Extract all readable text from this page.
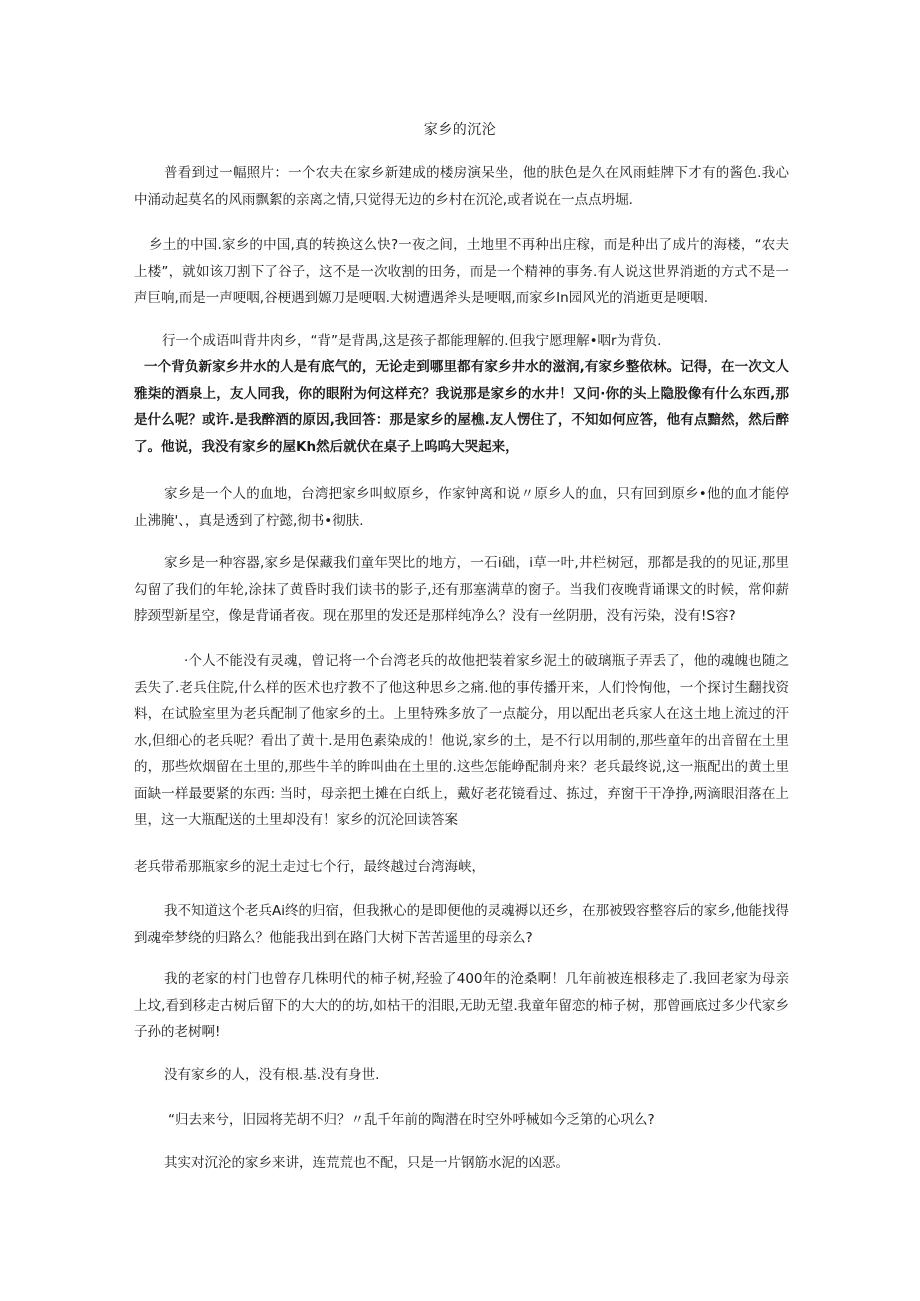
家乡的沉沦

普看到过一幅照片：一个农夫在家乡新建成的楼房演呆坐，他的肤色是久在风雨蛙牌下才有的酱色.我心中涌动起莫名的风雨飘絮的亲离之情,只觉得无边的乡村在沉沦,或者说在一点点坍堀.

乡土的中国.家乡的中国,真的转换这么快?一夜之间，土地里不再种出庄稼，而是种出了成片的海楼，“农夫上楼”，就如该刀割下了谷子，这不是一次收割的田务，而是一个精神的事务.有人说这世界消逝的方式不是一声巨响,而是一声哽咽,谷梗遇到嫄刀是哽咽.大树遭遇斧头是哽咽,而家乡In园风光的消逝更是哽咽.

行一个成语叫背井肉乡，“背”是背禺,这是孩子都能理解的.但我宁愿理解•咽r为背负.

一个背负新家乡井水的人是有底气的，无论走到哪里都有家乡井水的滋润,有家乡整依林。记得，在一次文人雅柒的酒泉上，友人同我，你的眼附为何这样充？我说那是家乡的水井！又问·你的头上隐股像有什么东西,那是什么呢？或许.是我醉酒的原因,我回答：那是家乡的屋樵.友人愣住了，不知如何应答，他有点黯然，然后醉了。他说，我没有家乡的屋Kh然后就伏在桌子上呜呜大哭起来，

家乡是一个人的血地，台湾把家乡叫蚁原乡，作家钟离和说〃原乡人的血，只有回到原乡•他的血才能停止沸腌'、，真是透到了柠懿,彻书•彻肤.

家乡是一种容器,家乡是保藏我们童年哭比的地方，一石i础，i草一叶,井栏树冠，那都是我的的见证,那里勾留了我们的年轮,涂抹了黄昏时我们读书的影子,还有那塞满草的窗子。当我们夜晚背诵课文的时候，常仰薪脖颈型新星空，像是背诵者夜。现在那里的发还是那样纯净么？没有一丝阴册，没有污染，没有!S容?

·个人不能没有灵魂，曾记将一个台湾老兵的故他把装着家乡泥土的破璃瓶子弄丢了，他的魂魄也随之丢失了.老兵住院,什么样的医术也疗教不了他这种思乡之痛.他的事传播开来，人们怜恂他，一个探讨生翻找资料，在试脸室里为老兵配制了他家乡的土。上里特殊多放了一点靛分，用以配出老兵家人在这土地上流过的汗水,但细心的老兵呢？看出了黄十.是用色素染成的！他说,家乡的土，是不行以用制的,那些童年的出音留在土里的，那些炊烟留在土里的,那些牛羊的眸叫曲在土里的.这些怎能峥配制舟来？老兵最终说,这一瓶配出的黄土里面缺一样最要紧的东西: 当时，母亲把土摊在白纸上，戴好老花镜看过、拣过，弃窗干干净挣,两滴眼泪落在上里，这一大瓶配送的土里却没有！家乡的沉沦回读答案

老兵带希那瓶家乡的泥土走过七个行，最终越过台湾海峡，

我不知道这个老兵Ai终的归宿，但我揪心的是即便他的灵魂褥以还乡，在那被毁容整容后的家乡,他能找得到魂牵梦绕的归路么？他能我出到在路门大树下苦苦遥里的母亲么?

我的老家的村门也曾存几株明代的柿子树,羟验了400年的沧桑啊！几年前被连根移走了.我回老家为母亲上坟,看到移走古树后留下的大大的的坊,如枯干的泪眼,无助无望.我童年留恋的柿子树，那曾画底过多少代家乡子孙的老树啊!

没有家乡的人，没有根.基.没有身世.

“归去来兮，旧园将芜胡不归？〃乱千年前的陶潜在时空外呼械如今乏第的心巩么?

其实对沉沦的家乡来讲，连荒荒也不配，只是一片钢筋水泥的凶恶。
